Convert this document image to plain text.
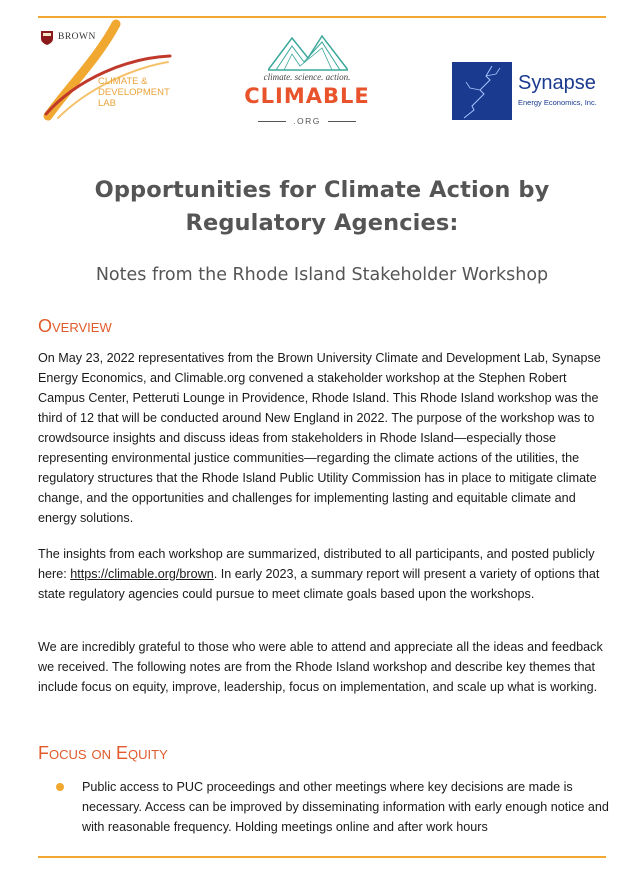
BROWN
CLIMATE &
DEVELOPMENT
LAB
climate. science. action.
CLIMABLE
.ORG
Synapse
Energy Economics, Inc.
Opportunities for Climate Action by
Regulatory Agencies:
Notes from the Rhode Island Stakeholder Workshop
Overview
On May 23, 2022 representatives from the Brown University Climate and Development Lab, Synapse Energy Economics, and Climable.org convened a stakeholder workshop at the Stephen Robert Campus Center, Petteruti Lounge in Providence, Rhode Island. This Rhode Island workshop was the third of 12 that will be conducted around New England in 2022. The purpose of the workshop was to crowdsource insights and discuss ideas from stakeholders in Rhode Island—especially those representing environmental justice communities—regarding the climate actions of the utilities, the regulatory structures that the Rhode Island Public Utility Commission has in place to mitigate climate change, and the opportunities and challenges for implementing lasting and equitable climate and energy solutions.
The insights from each workshop are summarized, distributed to all participants, and posted publicly here: https://climable.org/brown. In early 2023, a summary report will present a variety of options that state regulatory agencies could pursue to meet climate goals based upon the workshops.
We are incredibly grateful to those who were able to attend and appreciate all the ideas and feedback we received. The following notes are from the Rhode Island workshop and describe key themes that include focus on equity, improve, leadership, focus on implementation, and scale up what is working.
Focus on Equity
Public access to PUC proceedings and other meetings where key decisions are made is necessary. Access can be improved by disseminating information with early enough notice and with reasonable frequency. Holding meetings online and after work hours
